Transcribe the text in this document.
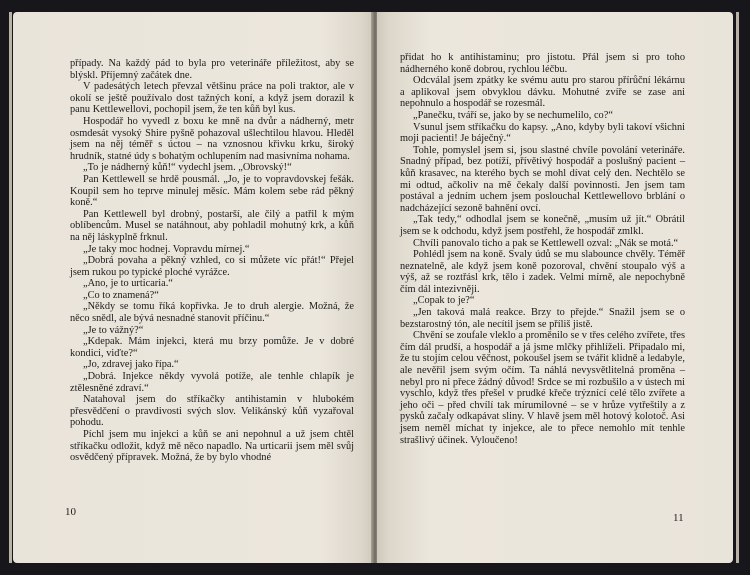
případy. Na každý pád to byla pro veterináře příležitost, aby se blýskl. Příjemný začátek dne.

V padesátých letech převzal většinu práce na poli traktor, ale v okolí se ještě používalo dost tažných koní, a když jsem dorazil k panu Kettlewellovi, pochopil jsem, že ten kůň byl kus.

Hospodář ho vyvedl z boxu ke mně na dvůr a nádherný, metr osmdesát vysoký Shire pyšně pohazoval ušlechtilou hlavou. Hleděl jsem na něj téměř s úctou – na vznosnou křivku krku, široký hrudník, statné údy s bohatým ochlupením nad masivníma nohama.

„To je nádherný kůň!“ vydechl jsem. „Obrovský!“

Pan Kettlewell se hrdě pousmál. „Jo, je to vopravdovskej fešák. Koupil sem ho teprve minulej měsíc. Mám kolem sebe rád pěkný koně.“

Pan Kettlewell byl drobný, postarší, ale čilý a patřil k mým oblíbencům. Musel se natáhnout, aby pohladil mohutný krk, a kůň na něj láskyplně frknul.

„Je taky moc hodnej. Vopravdu mírnej.“

„Dobrá povaha a pěkný vzhled, co si můžete víc přát!“ Přejel jsem rukou po typické ploché vyrážce.

„Ano, je to urticaria.“

„Co to znamená?“

„Někdy se tomu říká kopřivka. Je to druh alergie. Možná, že něco snědl, ale bývá nesnadné stanovit příčinu.“

„Je to vážný?“

„Kdepak. Mám injekci, která mu brzy pomůže. Je v dobré kondici, viďte?“

„Jo, zdravej jako řípa.“

„Dobrá. Injekce někdy vyvolá potíže, ale tenhle chlapík je ztělesněné zdraví.“

Natahoval jsem do stříkačky antihistamin v hlubokém přesvědčení o pravdivosti svých slov. Velikánský kůň vyzařoval pohodu.

Píchl jsem mu injekci a kůň se ani nepohnul a už jsem chtěl stříkačku odložit, když mě něco napadlo. Na urticarii jsem měl svůj osvědčený přípravek. Možná, že by bylo vhodné

10

přidat ho k antihistaminu; pro jistotu. Přál jsem si pro toho nádherného koně dobrou, rychlou léčbu.

Odcválal jsem zpátky ke svému autu pro starou přírůční lékárnu a aplikoval jsem obvyklou dávku. Mohutné zvíře se zase ani nepohnulo a hospodář se rozesmál.

„Panečku, tváří se, jako by se nechumelilo, co?“

Vsunul jsem stříkačku do kapsy. „Ano, kdyby byli takoví všichni moji pacienti! Je báječný.“

Tohle, pomyslel jsem si, jsou slastné chvíle povolání veterináře. Snadný případ, bez potíží, přívětivý hospodář a poslušný pacient – kůň krasavec, na kterého bych se mohl dívat celý den. Nechtělo se mi odtud, ačkoliv na mě čekaly další povinnosti. Jen jsem tam postával a jedním uchem jsem poslouchal Kettlewellovo brblání o nadcházející sezoně bahnění ovcí.

„Tak tedy,“ odhodlal jsem se konečně, „musím už jít.“ Obrátil jsem se k odchodu, když jsem postřehl, že hospodář zmlkl.

Chvíli panovalo ticho a pak se Kettlewell ozval: „Nák se motá.“

Pohlédl jsem na koně. Svaly údů se mu slabounce chvěly. Téměř neznatelně, ale když jsem koně pozoroval, chvění stoupalo výš a výš, až se roztřásl krk, tělo i zadek. Velmi mírně, ale nepochybně čím dál intezivněji.

„Copak to je?“

„Jen taková malá reakce. Brzy to přejde.“ Snažil jsem se o bezstarostný tón, ale necítil jsem se příliš jistě.

Chvění se zoufale vleklo a proměnilo se v třes celého zvířete, třes čím dál prudší, a hospodář a já jsme mlčky přihlíželi. Připadalo mi, že tu stojím celou věčnost, pokoušel jsem se tvářit klidně a ledabyle, ale nevěřil jsem svým očím. Ta náhlá nevysvětlitelná proměna – nebyl pro ni přece žádný důvod! Srdce se mi rozbušilo a v ústech mi vyschlo, když třes přešel v prudké křeče trýznící celé tělo zvířete a jeho oči – před chvílí tak mírumilovné – se v hrůze vytřeštily a z pysků začaly odkapávat sliny. V hlavě jsem měl hotový kolotoč. Asi jsem neměl míchat ty injekce, ale to přece nemohlo mít tenhle strašlivý účinek. Vyloučeno!

11
